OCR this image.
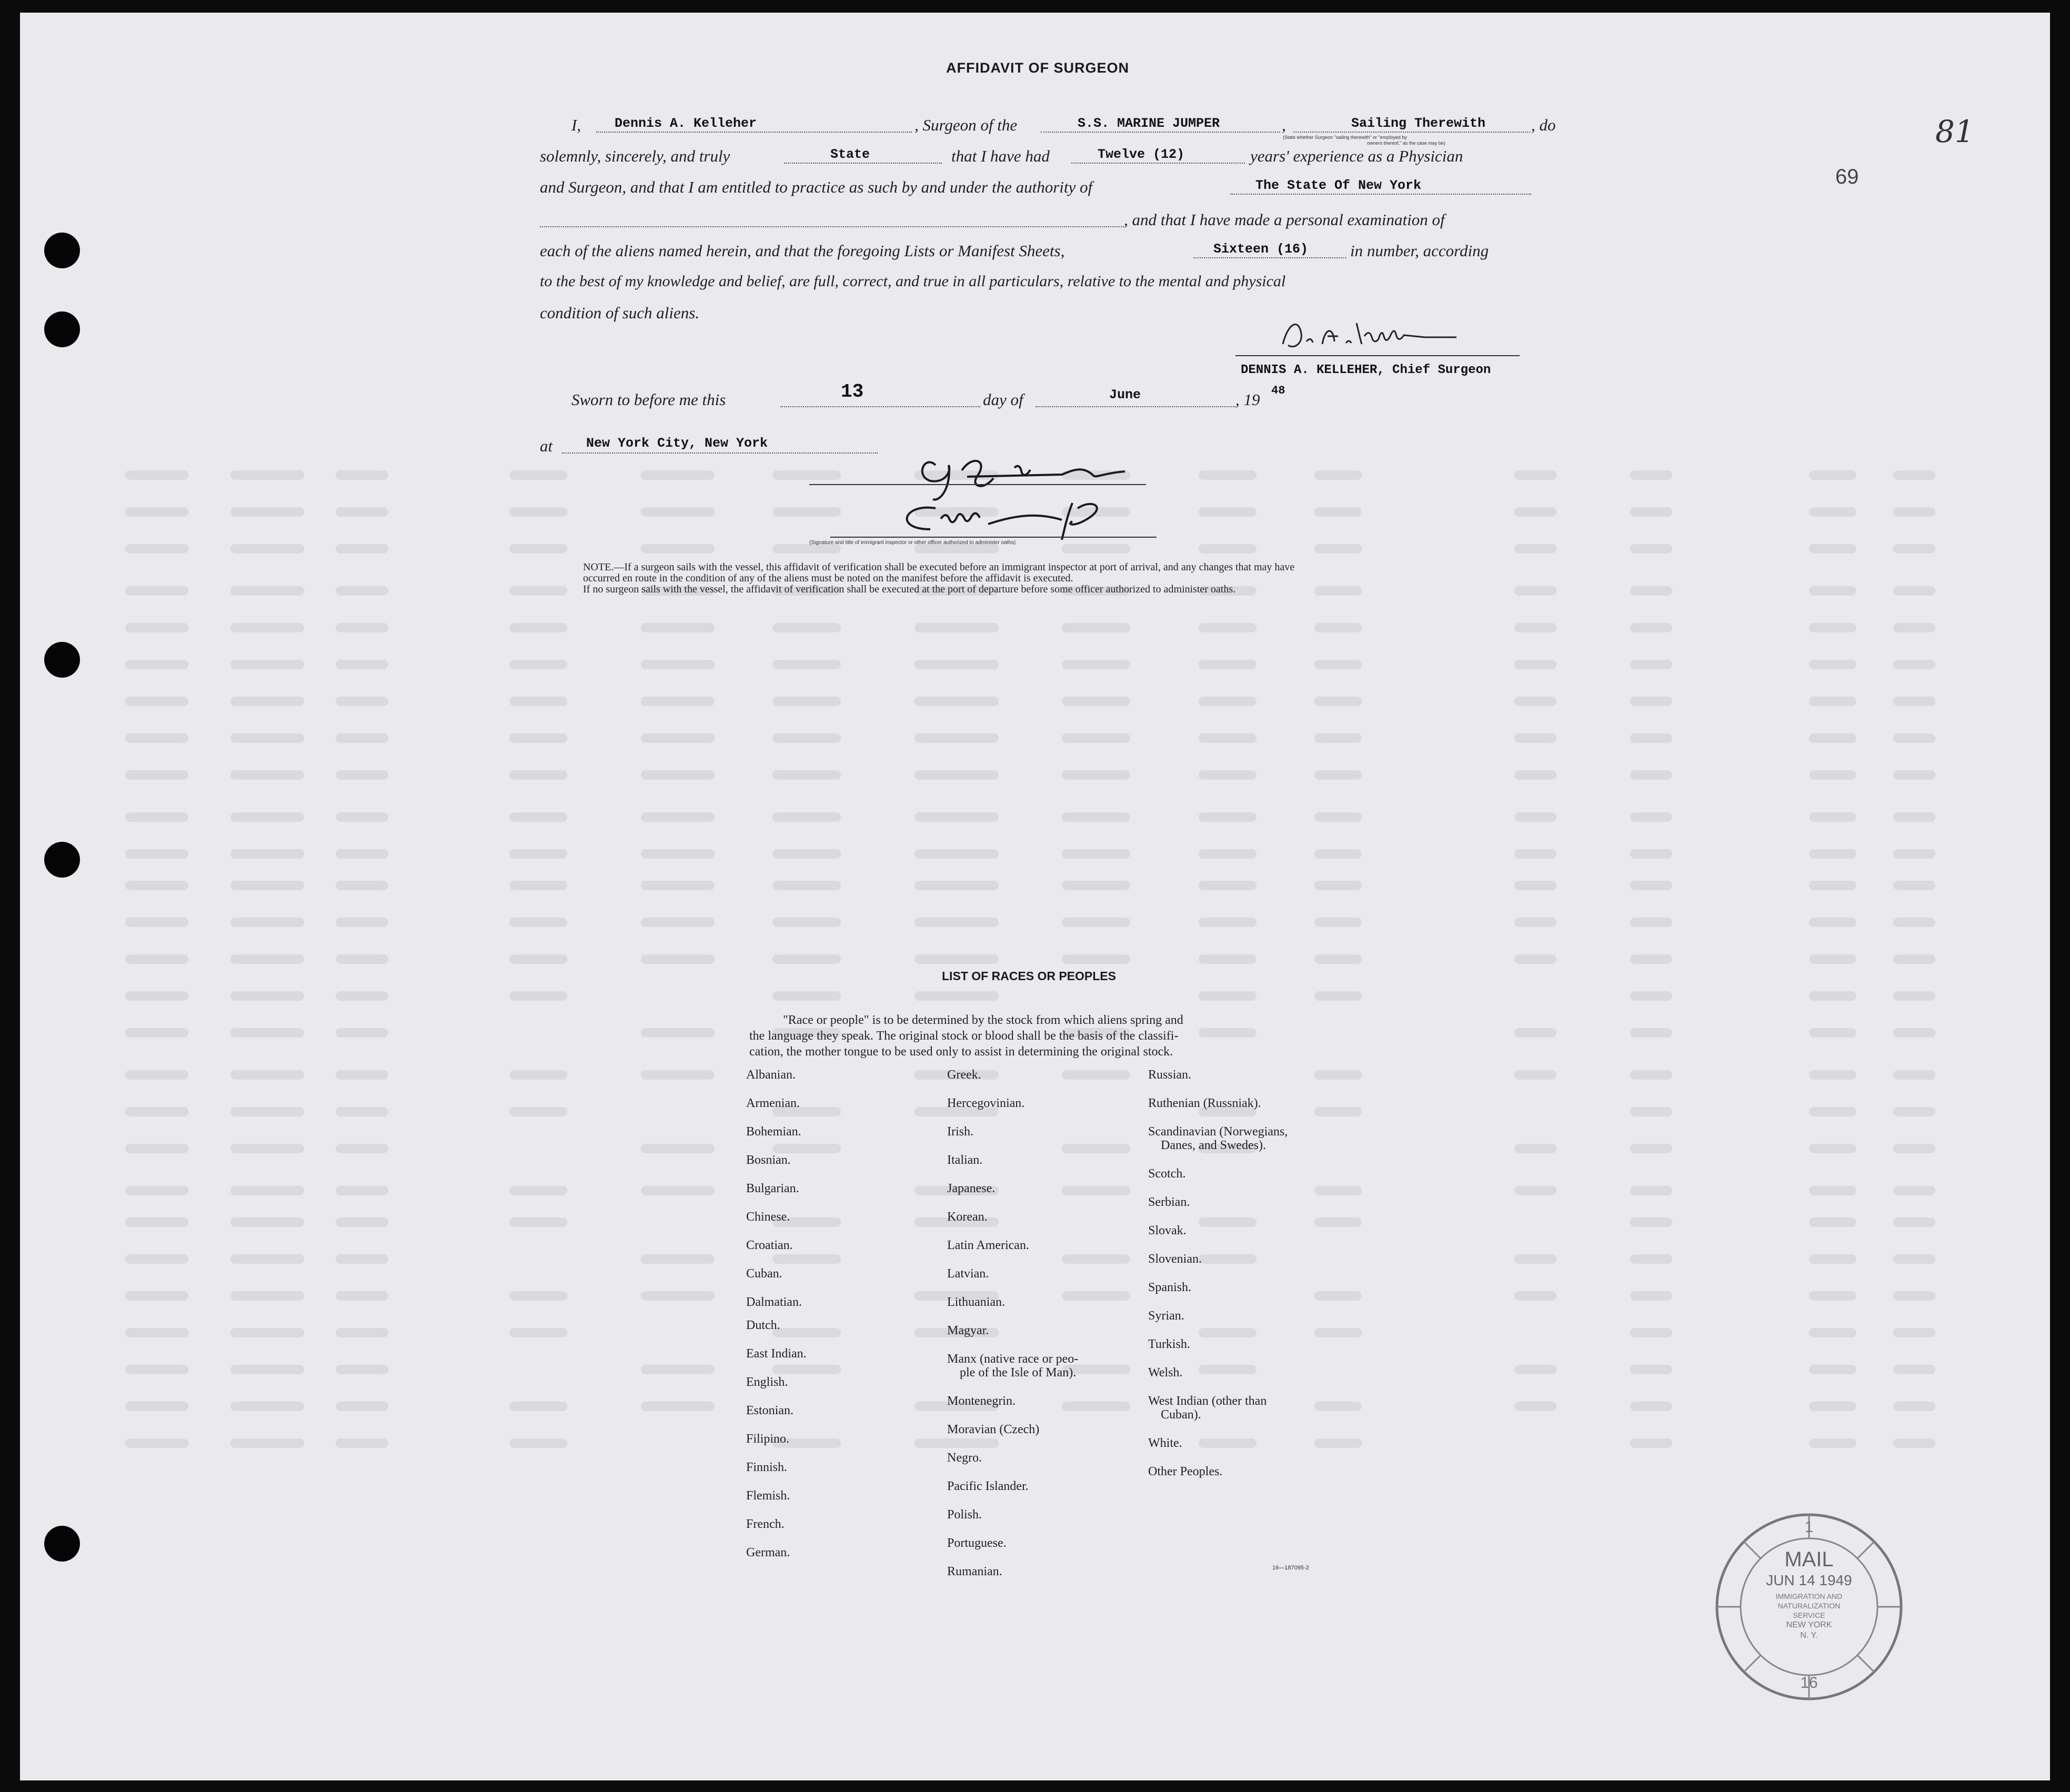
81
69
AFFIDAVIT OF SURGEON
I,	Dennis A. Kelleher	, Surgeon of the	S.S. MARINE JUMPER	,	Sailing Therewith
(State whether Surgeon "sailing therewith" or "employed by
owners thereof," as the case may be)
, do
solemnly, sincerely, and truly	State	that I have had	Twelve (12)	years' experience as a Physician
and Surgeon, and that I am entitled to practice as such by and under the authority of	The State Of New York
, and that I have made a personal examination of
each of the aliens named herein, and that the foregoing Lists or Manifest Sheets,	Sixteen (16)	in number, according
to the best of my knowledge and belief, are full, correct, and true in all particulars, relative to the mental and physical
condition of such aliens.
DENNIS A. KELLEHER, Chief Surgeon
Sworn to before me this	13	day of	June	, 19 48
at	New York City, New York
(Signature and title of immigrant inspector or other officer authorized to administer oaths)
NOTE.—If a surgeon sails with the vessel, this affidavit of verification shall be executed before an immigrant inspector at port of arrival, and any changes that may have
occurred en route in the condition of any of the aliens must be noted on the manifest before the affidavit is executed.
If no surgeon sails with the vessel, the affidavit of verification shall be executed at the port of departure before some officer authorized to administer oaths.
LIST OF RACES OR PEOPLES
"Race or people" is to be determined by the stock from which aliens spring and
the language they speak. The original stock or blood shall be the basis of the classifi-
cation, the mother tongue to be used only to assist in determining the original stock.
Albanian.
Armenian.
Bohemian.
Bosnian.
Bulgarian.
Chinese.
Croatian.
Cuban.
Dalmatian.
Dutch.
East Indian.
English.
Estonian.
Filipino.
Finnish.
Flemish.
French.
German.
Greek.
Hercegovinian.
Irish.
Italian.
Japanese.
Korean.
Latin American.
Latvian.
Lithuanian.
Magyar.
Manx (native race or peo-
ple of the Isle of Man).
Montenegrin.
Moravian (Czech)
Negro.
Pacific Islander.
Polish.
Portuguese.
Rumanian.
Russian.
Ruthenian (Russniak).
Scandinavian (Norwegians,
Danes, and Swedes).
Scotch.
Serbian.
Slovak.
Slovenian.
Spanish.
Syrian.
Turkish.
Welsh.
West Indian (other than
Cuban).
White.
Other Peoples.
16—187095-2	MAIL
JUN 14 1949
IMMIGRATION AND
NATURALIZATION
SERVICE
NEW YORK
N. Y.
1
16
